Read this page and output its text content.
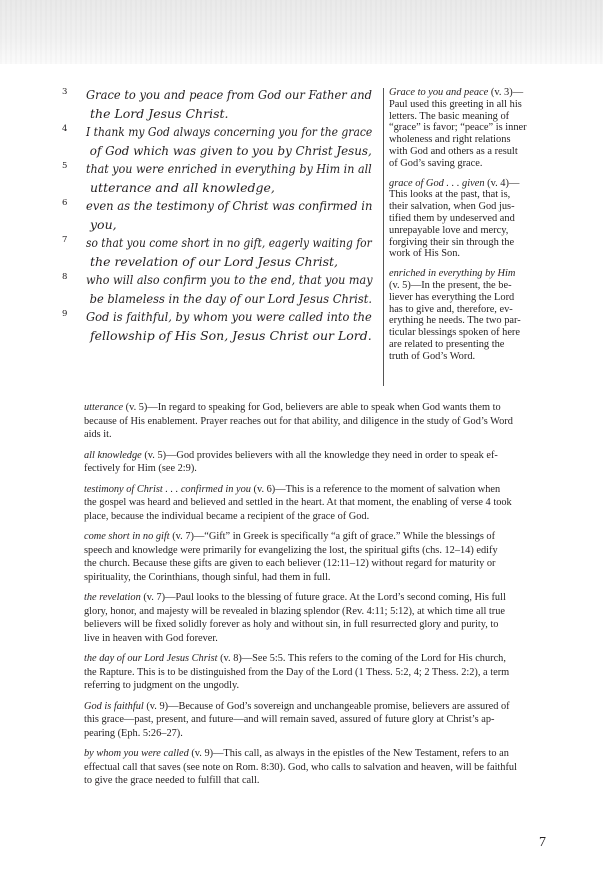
3 Grace to you and peace from God our Father and
the Lord Jesus Christ.
4 I thank my God always concerning you for the grace
of God which was given to you by Christ Jesus,
5 that you were enriched in everything by Him in all
utterance and all knowledge,
6 even as the testimony of Christ was confirmed in
you,
7 so that you come short in no gift, eagerly waiting for
the revelation of our Lord Jesus Christ,
8 who will also confirm you to the end, that you may
be blameless in the day of our Lord Jesus Christ.
9 God is faithful, by whom you were called into the
fellowship of His Son, Jesus Christ our Lord.
Grace to you and peace (v. 3)—
Paul used this greeting in all his
letters. The basic meaning of
“grace” is favor; “peace” is inner
wholeness and right relations
with God and others as a result
of God’s saving grace.
grace of God . . . given (v. 4)—
This looks at the past, that is,
their salvation, when God jus-
tified them by undeserved and
unrepayable love and mercy,
forgiving their sin through the
work of His Son.
enriched in everything by Him
(v. 5)—In the present, the be-
liever has everything the Lord
has to give and, therefore, ev-
erything he needs. The two par-
ticular blessings spoken of here
are related to presenting the
truth of God’s Word.
utterance (v. 5)—In regard to speaking for God, believers are able to speak when God wants them to
because of His enablement. Prayer reaches out for that ability, and diligence in the study of God’s Word
aids it.
all knowledge (v. 5)—God provides believers with all the knowledge they need in order to speak ef-
fectively for Him (see 2:9).
testimony of Christ . . . confirmed in you (v. 6)—This is a reference to the moment of salvation when
the gospel was heard and believed and settled in the heart. At that moment, the enabling of verse 4 took
place, because the individual became a recipient of the grace of God.
come short in no gift (v. 7)—“Gift” in Greek is specifically “a gift of grace.” While the blessings of
speech and knowledge were primarily for evangelizing the lost, the spiritual gifts (chs. 12–14) edify
the church. Because these gifts are given to each believer (12:11–12) without regard for maturity or
spirituality, the Corinthians, though sinful, had them in full.
the revelation (v. 7)—Paul looks to the blessing of future grace. At the Lord’s second coming, His full
glory, honor, and majesty will be revealed in blazing splendor (Rev. 4:11; 5:12), at which time all true
believers will be fixed solidly forever as holy and without sin, in full resurrected glory and purity, to
live in heaven with God forever.
the day of our Lord Jesus Christ (v. 8)—See 5:5. This refers to the coming of the Lord for His church,
the Rapture. This is to be distinguished from the Day of the Lord (1 Thess. 5:2, 4; 2 Thess. 2:2), a term
referring to judgment on the ungodly.
God is faithful (v. 9)—Because of God’s sovereign and unchangeable promise, believers are assured of
this grace—past, present, and future—and will remain saved, assured of future glory at Christ’s ap-
pearing (Eph. 5:26–27).
by whom you were called (v. 9)—This call, as always in the epistles of the New Testament, refers to an
effectual call that saves (see note on Rom. 8:30). God, who calls to salvation and heaven, will be faithful
to give the grace needed to fulfill that call.
7
